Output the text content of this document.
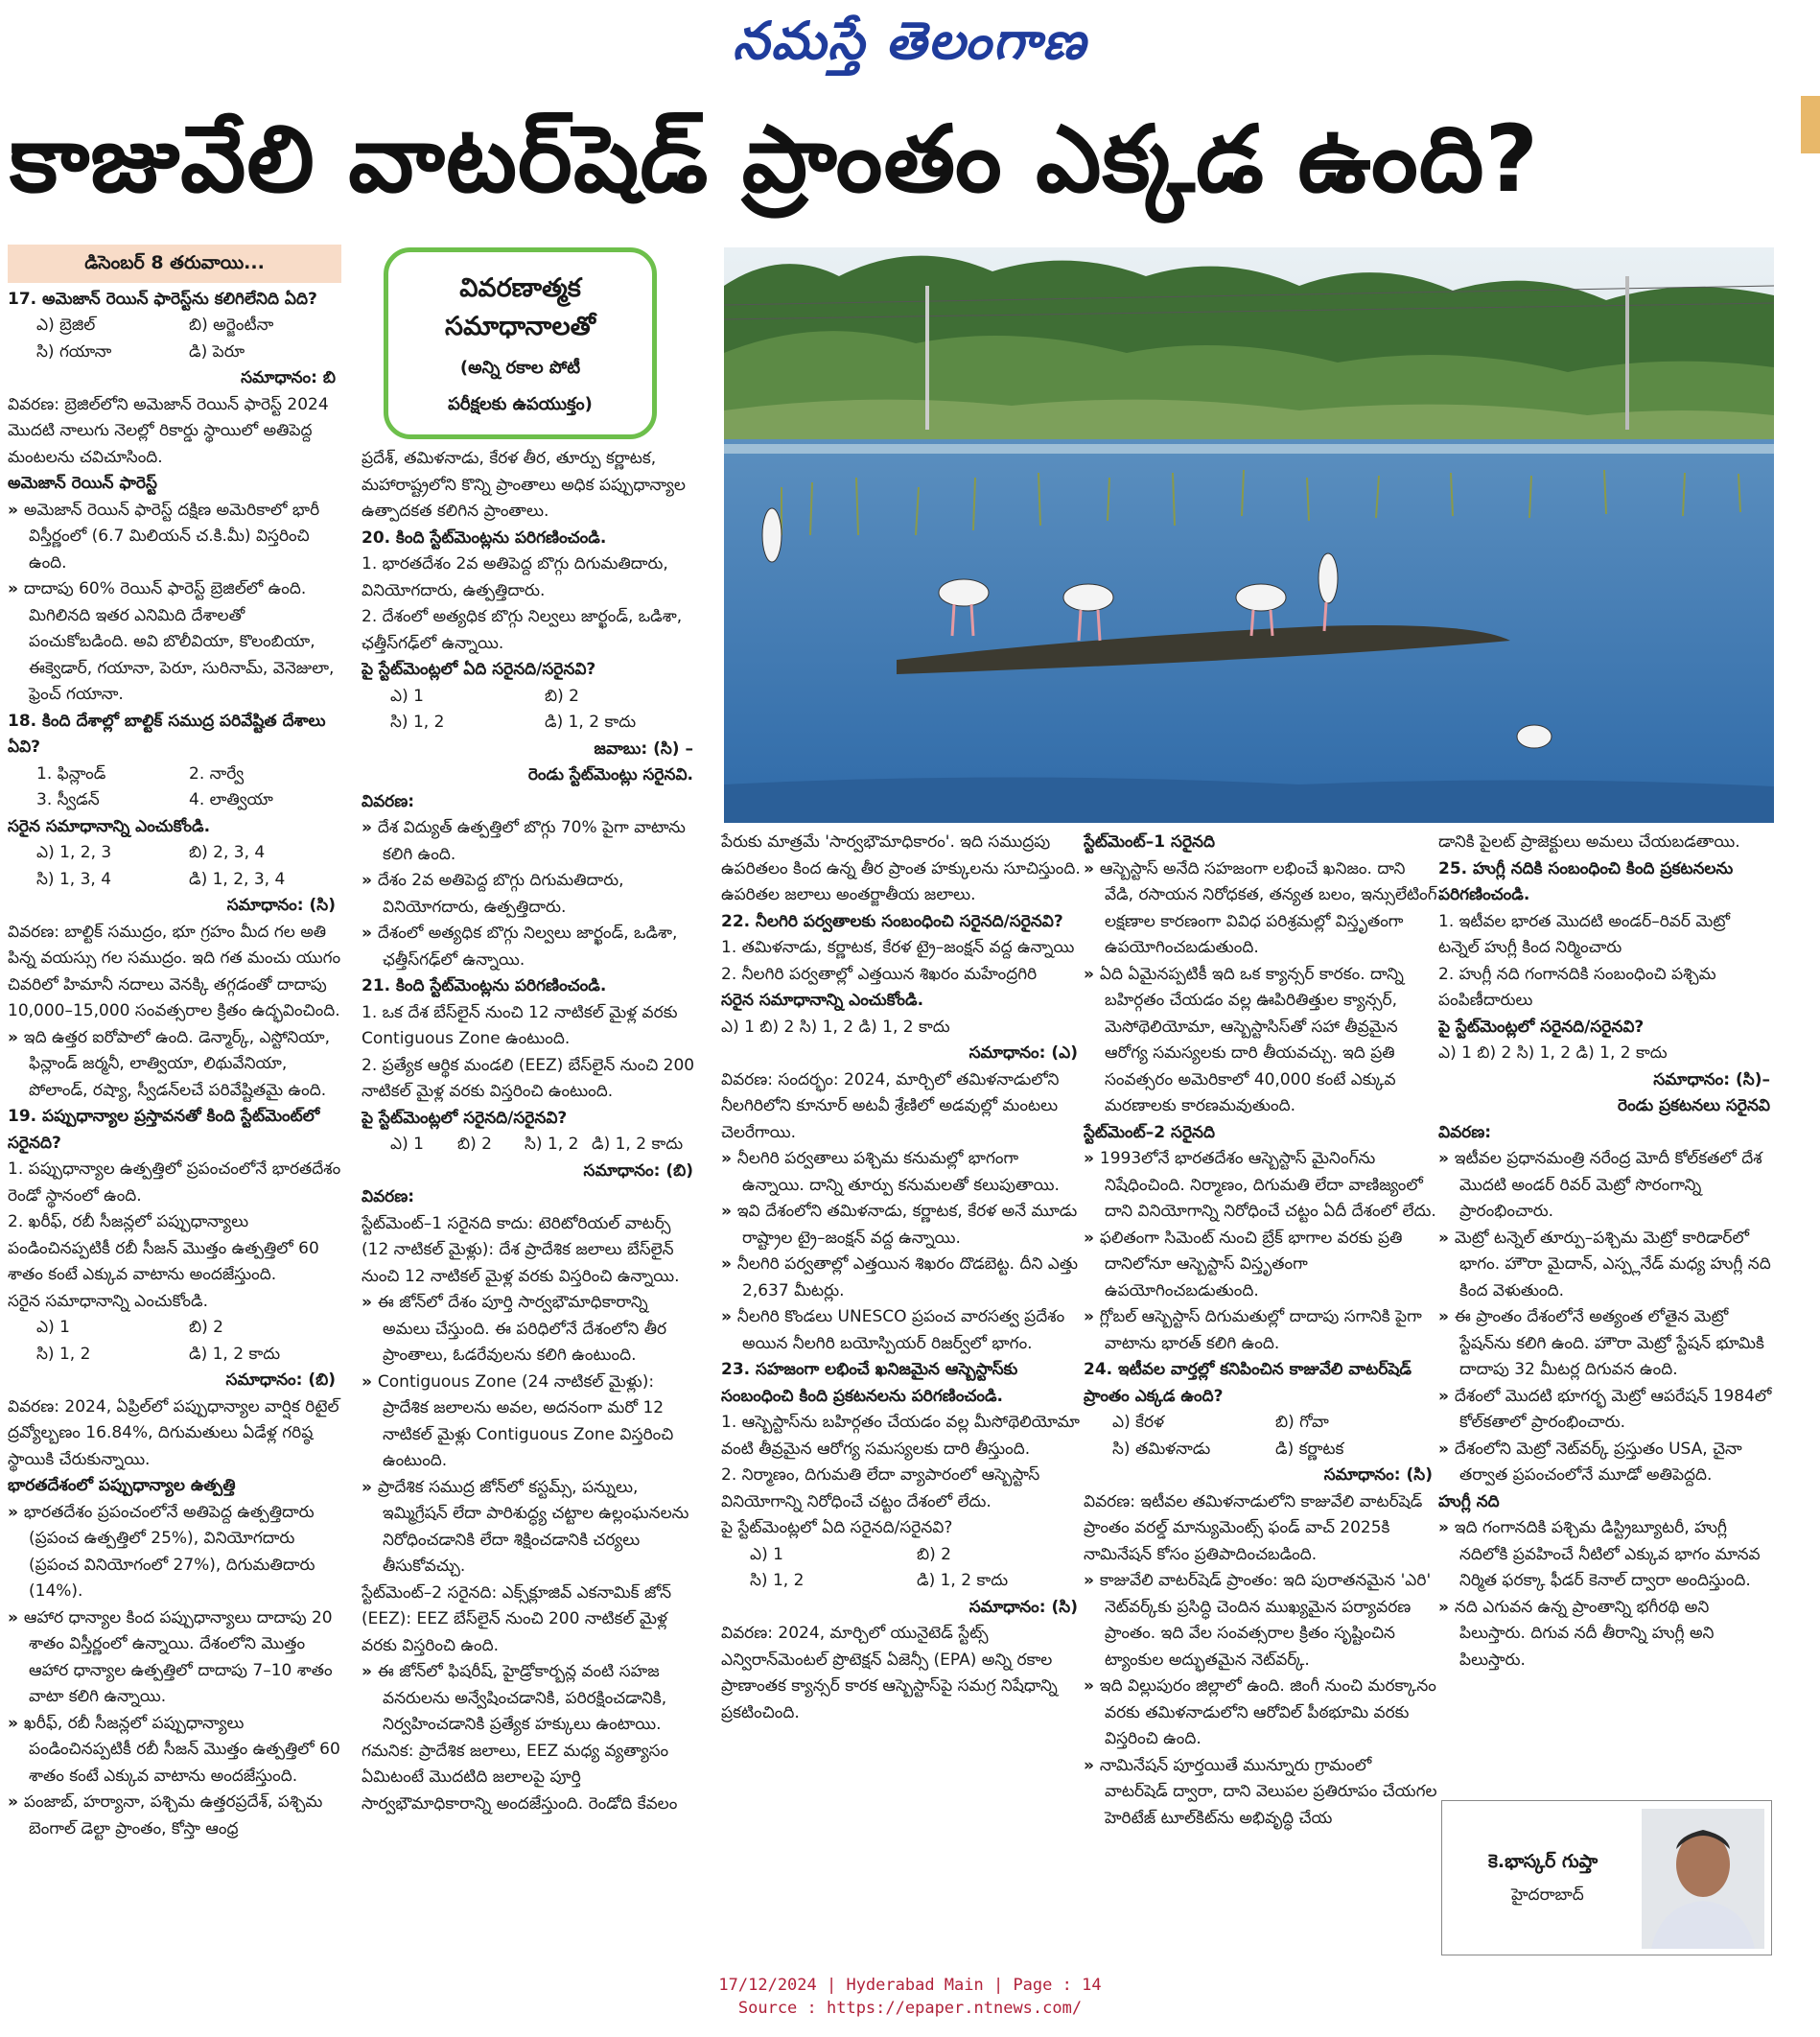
నమస్తే తెలంగాణ
కాజువేలి వాటర్‌షెడ్ ప్రాంతం ఎక్కడ ఉంది?
డిసెంబర్ 8 తరువాయి...

17. అమెజాన్ రెయిన్ ఫారెస్ట్‌ను కలిగిలేనిది ఏది?

ఎ) బ్రెజిల్	బి) అర్జెంటీనా
సి) గయానా	డి) పెరూ

సమాధానం: బి

వివరణ: బ్రెజిల్‌లోని అమెజాన్ రెయిన్ ఫారెస్ట్ 2024 మొదటి నాలుగు నెలల్లో రికార్డు స్థాయిలో అతిపెద్ద మంటలను చవిచూసింది.

అమెజాన్ రెయిన్ ఫారెస్ట్

» అమెజాన్ రెయిన్ ఫారెస్ట్ దక్షిణ అమెరికాలో భారీ విస్తీర్ణంలో (6.7 మిలియన్ చ.కి.మీ) విస్తరించి ఉంది.

» దాదాపు 60% రెయిన్ ఫారెస్ట్ బ్రెజిల్‌లో ఉంది. మిగిలినది ఇతర ఎనిమిది దేశాలతో పంచుకోబడింది. అవి బొలీవియా, కొలంబియా, ఈక్వెడార్, గయానా, పెరూ, సురినామ్, వెనెజులా, ఫ్రెంచ్ గయానా.

18. కింది దేశాల్లో బాల్టిక్ సముద్ర పరివేష్టిత దేశాలు ఏవి?

1. ఫిన్లాండ్	2. నార్వే
3. స్వీడన్	4. లాత్వియా

సరైన సమాధానాన్ని ఎంచుకోండి.

ఎ) 1, 2, 3	బి) 2, 3, 4
సి) 1, 3, 4	డి) 1, 2, 3, 4

సమాధానం: (సి)

వివరణ: బాల్టిక్ సముద్రం, భూ గ్రహం మీద గల అతి పిన్న వయస్సు గల సముద్రం. ఇది గత మంచు యుగం చివరిలో హిమానీ నదాలు వెనక్కి తగ్గడంతో దాదాపు 10,000–15,000 సంవత్సరాల క్రితం ఉద్భవించింది.

» ఇది ఉత్తర ఐరోపాలో ఉంది. డెన్మార్క్, ఎస్టోనియా, ఫిన్లాండ్ జర్మనీ, లాత్వియా, లిథువేనియా, పోలాండ్, రష్యా, స్వీడన్‌లచే పరివేష్టితమై ఉంది.

19. పప్పుధాన్యాల ప్రస్తావనతో కింది స్టేట్‌మెంట్‌లో సరైనది?

1. పప్పుధాన్యాల ఉత్పత్తిలో ప్రపంచంలోనే భారతదేశం రెండో స్థానంలో ఉంది.

2. ఖరీఫ్, రబీ సీజన్లలో పప్పుధాన్యాలు పండించినప్పటికీ రబీ సీజన్ మొత్తం ఉత్పత్తిలో 60 శాతం కంటే ఎక్కువ వాటాను అందజేస్తుంది.

సరైన సమాధానాన్ని ఎంచుకోండి.

ఎ) 1	బి) 2
సి) 1, 2	డి) 1, 2 కాదు

సమాధానం: (బి)

వివరణ: 2024, ఏప్రిల్‌లో పప్పుధాన్యాల వార్షిక రిటైల్ ద్రవ్యోల్బణం 16.84%, దిగుమతులు ఏడేళ్ల గరిష్ఠ స్థాయికి చేరుకున్నాయి.

భారతదేశంలో పప్పుధాన్యాల ఉత్పత్తి

» భారతదేశం ప్రపంచంలోనే అతిపెద్ద ఉత్పత్తిదారు (ప్రపంచ ఉత్పత్తిలో 25%), వినియోగదారు (ప్రపంచ వినియోగంలో 27%), దిగుమతిదారు (14%).

» ఆహార ధాన్యాల కింద పప్పుధాన్యాలు దాదాపు 20 శాతం విస్తీర్ణంలో ఉన్నాయి. దేశంలోని మొత్తం ఆహార ధాన్యాల ఉత్పత్తిలో దాదాపు 7–10 శాతం వాటా కలిగి ఉన్నాయి.

» ఖరీఫ్, రబీ సీజన్లలో పప్పుధాన్యాలు పండించినప్పటికీ రబీ సీజన్ మొత్తం ఉత్పత్తిలో 60 శాతం కంటే ఎక్కువ వాటాను అందజేస్తుంది.

» పంజాబ్, హర్యానా, పశ్చిమ ఉత్తరప్రదేశ్, పశ్చిమ బెంగాల్ డెల్టా ప్రాంతం, కోస్తా ఆంధ్ర

వివరణాత్మక
సమాధానాలతో
(అన్ని రకాల పోటీ
పరీక్షలకు ఉపయుక్తం)

ప్రదేశ్, తమిళనాడు, కేరళ తీర, తూర్పు కర్ణాటక, మహారాష్ట్రలోని కొన్ని ప్రాంతాలు అధిక పప్పుధాన్యాల ఉత్పాదకత కలిగిన ప్రాంతాలు.

20. కింది స్టేట్‌మెంట్లను పరిగణించండి.

1. భారతదేశం 2వ అతిపెద్ద బొగ్గు దిగుమతిదారు, వినియోగదారు, ఉత్పత్తిదారు.

2. దేశంలో అత్యధిక బొగ్గు నిల్వలు జార్ఖండ్, ఒడిశా, ఛత్తీస్‌గఢ్‌లో ఉన్నాయి.

పై స్టేట్‌మెంట్లలో ఏది సరైనది/సరైనవి?

ఎ) 1	బి) 2
సి) 1, 2	డి) 1, 2 కాదు

జవాబు: (సి) –

రెండు స్టేట్‌మెంట్లు సరైనవి.

వివరణ:

» దేశ విద్యుత్ ఉత్పత్తిలో బొగ్గు 70% పైగా వాటాను కలిగి ఉంది.

» దేశం 2వ అతిపెద్ద బొగ్గు దిగుమతిదారు, వినియోగదారు, ఉత్పత్తిదారు.

» దేశంలో అత్యధిక బొగ్గు నిల్వలు జార్ఖండ్, ఒడిశా, ఛత్తీస్‌గఢ్‌లో ఉన్నాయి.

21. కింది స్టేట్‌మెంట్లను పరిగణించండి.

1. ఒక దేశ బేస్‌లైన్ నుంచి 12 నాటికల్ మైళ్ల వరకు Contiguous Zone ఉంటుంది.

2. ప్రత్యేక ఆర్థిక మండలి (EEZ) బేస్‌లైన్ నుంచి 200 నాటికల్ మైళ్ల వరకు విస్తరించి ఉంటుంది.

పై స్టేట్‌మెంట్లలో సరైనది/సరైనవి?

ఎ) 1	బి) 2	సి) 1, 2 డి) 1, 2 కాదు

సమాధానం: (బి)

వివరణ:

స్టేట్‌మెంట్–1 సరైనది కాదు: టెరిటోరియల్ వాటర్స్ (12 నాటికల్ మైళ్లు): దేశ ప్రాదేశిక జలాలు బేస్‌లైన్ నుంచి 12 నాటికల్ మైళ్ల వరకు విస్తరించి ఉన్నాయి.

» ఈ జోన్‌లో దేశం పూర్తి సార్వభౌమాధికారాన్ని అమలు చేస్తుంది. ఈ పరిధిలోనే దేశంలోని తీర ప్రాంతాలు, ఓడరేవులను కలిగి ఉంటుంది.

» Contiguous Zone (24 నాటికల్ మైళ్లు): ప్రాదేశిక జలాలను అవల, అదనంగా మరో 12 నాటికల్ మైళ్లు Contiguous Zone విస్తరించి ఉంటుంది.

» ప్రాదేశిక సముద్ర జోన్‌లో కస్టమ్స్, పన్నులు, ఇమ్మిగ్రేషన్ లేదా పారిశుద్ధ్య చట్టాల ఉల్లంఘనలను నిరోధించడానికి లేదా శిక్షించడానికి చర్యలు తీసుకోవచ్చు.

స్టేట్‌మెంట్–2 సరైనది: ఎక్స్‌క్లూజివ్ ఎకనామిక్ జోన్ (EEZ): EEZ బేస్‌లైన్ నుంచి 200 నాటికల్ మైళ్ల వరకు విస్తరించి ఉంది.

» ఈ జోన్‌లో ఫిషరీష్, హైడ్రోకార్బన్ల వంటి సహజ వనరులను అన్వేషించడానికి, పరిరక్షించడానికి, నిర్వహించడానికి ప్రత్యేక హక్కులు ఉంటాయి.

గమనిక: ప్రాదేశిక జలాలు, EEZ మధ్య వ్యత్యాసం ఏమిటంటే మొదటిది జలాలపై పూర్తి సార్వభౌమాధికారాన్ని అందజేస్తుంది. రెండోది కేవలం

పేరుకు మాత్రమే 'సార్వభౌమాధికారం'. ఇది సముద్రపు ఉపరితలం కింద ఉన్న తీర ప్రాంత హక్కులను సూచిస్తుంది. ఉపరితల జలాలు అంతర్జాతీయ జలాలు.

22. నీలగిరి పర్వతాలకు సంబంధించి సరైనది/సరైనవి?

1. తమిళనాడు, కర్ణాటక, కేరళ ట్రై–జంక్షన్ వద్ద ఉన్నాయి

2. నీలగిరి పర్వతాల్లో ఎత్తయిన శిఖరం మహేంద్రగిరి

సరైన సమాధానాన్ని ఎంచుకోండి.

ఎ) 1 బి) 2 సి) 1, 2 డి) 1, 2 కాదు

సమాధానం: (ఎ)

వివరణ: సందర్భం: 2024, మార్చిలో తమిళనాడులోని నీలగిరిలోని కూనూర్ అటవీ శ్రేణిలో అడవుల్లో మంటలు చెలరేగాయి.

» నీలగిరి పర్వతాలు పశ్చిమ కనుమల్లో భాగంగా ఉన్నాయి. దాన్ని తూర్పు కనుమలతో కలుపుతాయి.

» ఇవి దేశంలోని తమిళనాడు, కర్ణాటక, కేరళ అనే మూడు రాష్ట్రాల ట్రై–జంక్షన్ వద్ద ఉన్నాయి.

» నీలగిరి పర్వతాల్లో ఎత్తయిన శిఖరం దొడబెట్ట. దీని ఎత్తు 2,637 మీటర్లు.

» నీలగిరి కొండలు UNESCO ప్రపంచ వారసత్వ ప్రదేశం అయిన నీలగిరి బయోస్పియర్ రిజర్వ్‌లో భాగం.

23. సహజంగా లభించే ఖనిజమైన ఆస్బెస్టాస్‌కు సంబంధించి కింది ప్రకటనలను పరిగణించండి.

1. ఆస్బెస్టాస్‌ను బహిర్గతం చేయడం వల్ల మీసోథెలియోమా వంటి తీవ్రమైన ఆరోగ్య సమస్యలకు దారి తీస్తుంది.

2. నిర్మాణం, దిగుమతి లేదా వ్యాపారంలో ఆస్బెస్టాస్ వినియోగాన్ని నిరోధించే చట్టం దేశంలో లేదు.

పై స్టేట్‌మెంట్లలో ఏది సరైనది/సరైనవి?

ఎ) 1	బి) 2
సి) 1, 2	డి) 1, 2 కాదు

సమాధానం: (సి)

వివరణ: 2024, మార్చిలో యునైటెడ్ స్టేట్స్ ఎన్విరాన్‌మెంటల్ ప్రొటెక్షన్ ఏజెన్సీ (EPA) అన్ని రకాల ప్రాణాంతక క్యాన్సర్ కారక ఆస్బెస్టాస్‌పై సమగ్ర నిషేధాన్ని ప్రకటించింది.

స్టేట్‌మెంట్–1 సరైనది

» ఆస్బెస్టాస్ అనేది సహజంగా లభించే ఖనిజం. దాని వేడి, రసాయన నిరోధకత, తన్యత బలం, ఇన్సులేటింగ్ లక్షణాల కారణంగా వివిధ పరిశ్రమల్లో విస్తృతంగా ఉపయోగించబడుతుంది.

» ఏది ఏమైనప్పటికీ ఇది ఒక క్యాన్సర్ కారకం. దాన్ని బహిర్గతం చేయడం వల్ల ఊపిరితిత్తుల క్యాన్సర్, మెసోథెలియోమా, ఆస్బెస్టాసిస్‌తో సహా తీవ్రమైన ఆరోగ్య సమస్యలకు దారి తీయవచ్చు. ఇది ప్రతి సంవత్సరం అమెరికాలో 40,000 కంటే ఎక్కువ మరణాలకు కారణమవుతుంది.

స్టేట్‌మెంట్–2 సరైనది

» 1993లోనే భారతదేశం ఆస్బెస్టాస్ మైనింగ్‌ను నిషేధించింది. నిర్మాణం, దిగుమతి లేదా వాణిజ్యంలో దాని వినియోగాన్ని నిరోధించే చట్టం ఏదీ దేశంలో లేదు.

» ఫలితంగా సిమెంట్ నుంచి బ్రేక్ భాగాల వరకు ప్రతి దానిలోనూ ఆస్బెస్టాస్ విస్తృతంగా ఉపయోగించబడుతుంది.

» గ్లోబల్ ఆస్బెస్టాస్ దిగుమతుల్లో దాదాపు సగానికి పైగా వాటాను భారత్ కలిగి ఉంది.

24. ఇటీవల వార్తల్లో కనిపించిన కాజువేలి వాటర్‌షెడ్ ప్రాంతం ఎక్కడ ఉంది?

ఎ) కేరళ	బి) గోవా
సి) తమిళనాడు	డి) కర్ణాటక

సమాధానం: (సి)

వివరణ: ఇటీవల తమిళనాడులోని కాజువేలి వాటర్‌షెడ్ ప్రాంతం వరల్డ్ మాన్యుమెంట్స్ ఫండ్ వాచ్ 2025కి నామినేషన్ కోసం ప్రతిపాదించబడింది.

» కాజువేలి వాటర్‌షెడ్ ప్రాంతం: ఇది పురాతనమైన 'ఎరి' నెట్‌వర్క్‌కు ప్రసిద్ధి చెందిన ముఖ్యమైన పర్యావరణ ప్రాంతం. ఇది వేల సంవత్సరాల క్రితం సృష్టించిన ట్యాంకుల అద్భుతమైన నెట్‌వర్క్.

» ఇది విల్లుపురం జిల్లాలో ఉంది. జింగీ నుంచి మరక్కానం వరకు తమిళనాడులోని ఆరోవిల్ పీఠభూమి వరకు విస్తరించి ఉంది.

» నామినేషన్ పూర్తయితే మున్నూరు గ్రామంలో వాటర్‌షెడ్ ద్వారా, దాని వెలుపల ప్రతిరూపం చేయగల హెరిటేజ్ టూల్‌కిట్‌ను అభివృద్ధి చేయ

డానికి పైలట్ ప్రాజెక్టులు అమలు చేయబడతాయి.

25. హుగ్లీ నదికి సంబంధించి కింది ప్రకటనలను పరిగణించండి.

1. ఇటీవల భారత మొదటి అండర్–రివర్ మెట్రో టన్నెల్ హుగ్లీ కింద నిర్మించారు

2. హుగ్లీ నది గంగానదికి సంబంధించి పశ్చిమ పంపిణీదారులు

పై స్టేట్‌మెంట్లలో సరైనది/సరైనవి?

ఎ) 1 బి) 2 సి) 1, 2 డి) 1, 2 కాదు

సమాధానం: (సి)–

రెండు ప్రకటనలు సరైనవి

వివరణ:

» ఇటీవల ప్రధానమంత్రి నరేంద్ర మోదీ కోల్‌కతలో దేశ మొదటి అండర్ రివర్ మెట్రో సొరంగాన్ని ప్రారంభించారు.

» మెట్రో టన్నెల్ తూర్పు–పశ్చిమ మెట్రో కారిడార్‌లో భాగం. హౌరా మైదాన్, ఎస్ప్లనేడ్ మధ్య హుగ్లీ నది కింద వెళుతుంది.

» ఈ ప్రాంతం దేశంలోనే అత్యంత లోతైన మెట్రో స్టేషన్‌ను కలిగి ఉంది. హౌరా మెట్రో స్టేషన్ భూమికి దాదాపు 32 మీటర్ల దిగువన ఉంది.

» దేశంలో మొదటి భూగర్భ మెట్రో ఆపరేషన్ 1984లో కోల్‌కతాలో ప్రారంభించారు.

» దేశంలోని మెట్రో నెట్‌వర్క్ ప్రస్తుతం USA, చైనా తర్వాత ప్రపంచంలోనే మూడో అతిపెద్దది.

హుగ్లీ నది

» ఇది గంగానదికి పశ్చిమ డిస్ట్రిబ్యూటరీ, హుగ్లీ నదిలోకి ప్రవహించే నీటిలో ఎక్కువ భాగం మానవ నిర్మిత ఫరక్కా ఫీడర్ కెనాల్ ద్వారా అందిస్తుంది.

» నది ఎగువన ఉన్న ప్రాంతాన్ని భగీరథి అని పిలుస్తారు. దిగువ నదీ తీరాన్ని హుగ్లీ అని పిలుస్తారు.

కె.భాస్కర్ గుప్తా
హైదరాబాద్
17/12/2024 | Hyderabad Main | Page : 14
Source : https://epaper.ntnews.com/
